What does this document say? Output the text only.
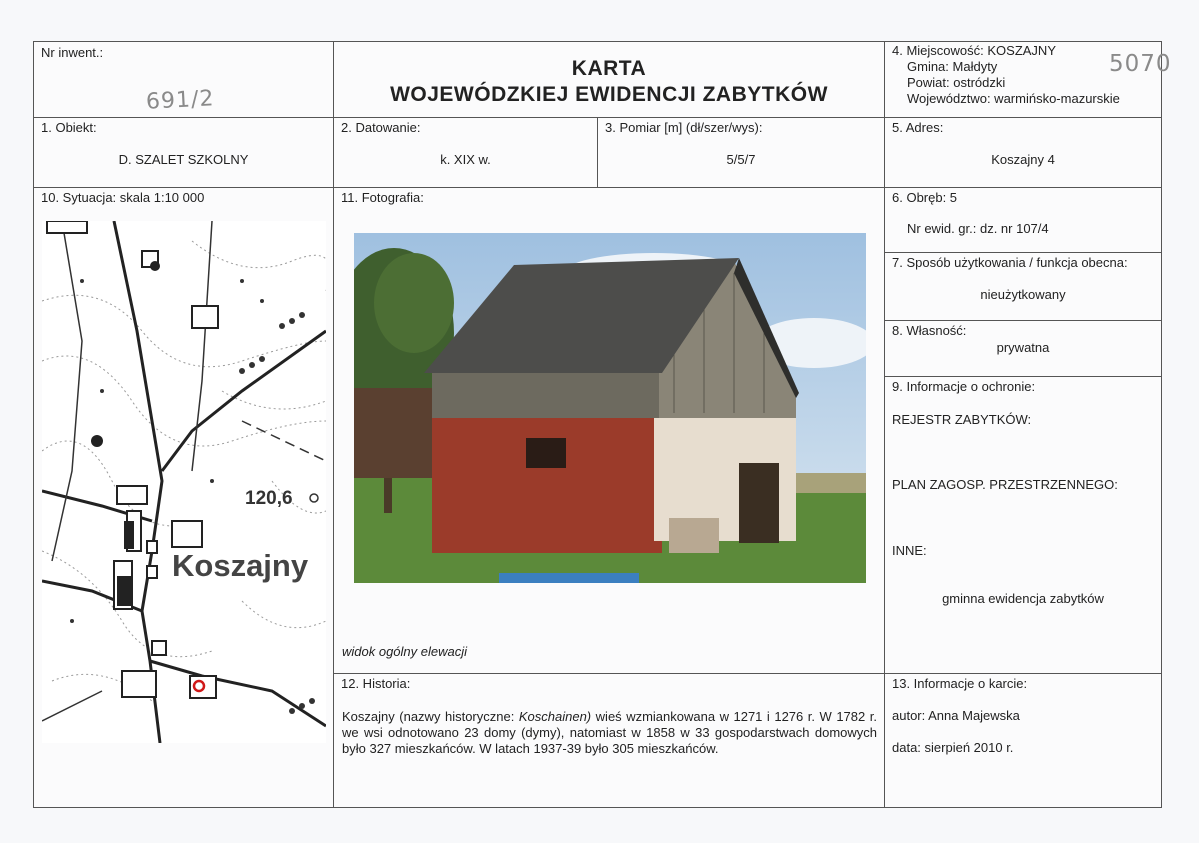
Nr inwent.:
691/2
KARTA
WOJEWÓDZKIEJ EWIDENCJI ZABYTKÓW
4. Miejscowość: KOSZAJNY
Gmina: Małdyty
Powiat: ostródzki
Województwo: warmińsko-mazurskie
5070
1. Obiekt:
D. SZALET SZKOLNY
2. Datowanie:
k. XIX w.
3. Pomiar [m] (dł/szer/wys):
5/5/7
5. Adres:
Koszajny 4
10. Sytuacja: skala 1:10 000
120,6
Koszajny
11. Fotografia:
widok ogólny elewacji
6. Obręb: 5
Nr ewid. gr.: dz. nr 107/4
7. Sposób użytkowania / funkcja obecna:
nieużytkowany
8. Własność:
prywatna
9. Informacje o ochronie:
REJESTR ZABYTKÓW:
PLAN ZAGOSP. PRZESTRZENNEGO:
INNE:
gminna ewidencja zabytków
12. Historia:
Koszajny (nazwy historyczne: Koschainen) wieś wzmiankowana w 1271 i 1276 r. W 1782 r. we wsi odnotowano 23 domy (dymy), natomiast w 1858 w 33 gospodarstwach domowych było 327 mieszkańców. W latach 1937-39 było 305 mieszkańców.
13. Informacje o karcie:
autor: Anna Majewska
data: sierpień 2010 r.
